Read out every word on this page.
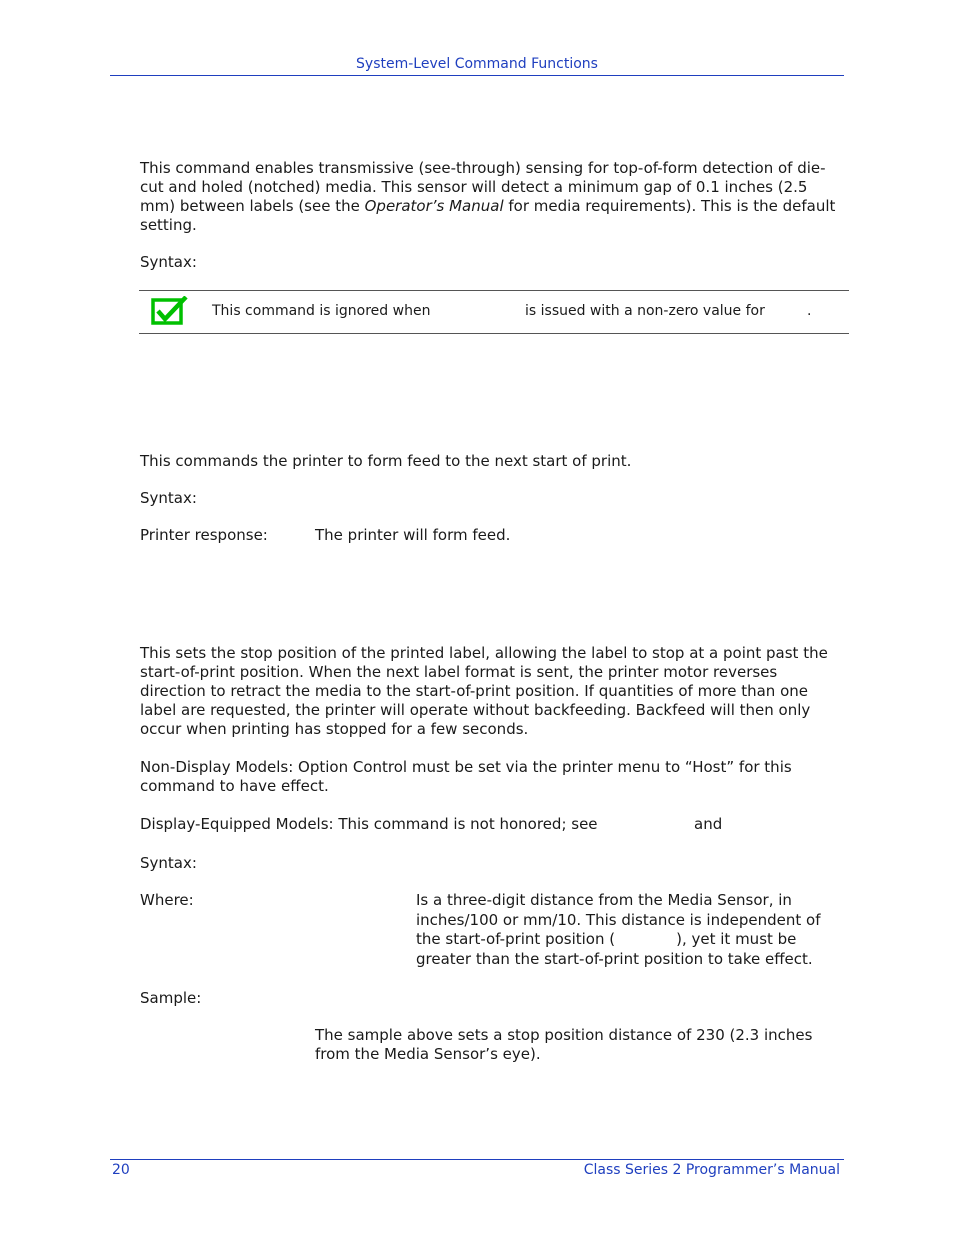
System-Level Command Functions

This command enables transmissive (see-through) sensing for top-of-form detection of die-cut and holed (notched) media. This sensor will detect a minimum gap of 0.1 inches (2.5 mm) between labels (see the Operator’s Manual for media requirements). This is the default setting.

Syntax:
This command is ignored when	is issued with a non-zero value for	.

This commands the printer to form feed to the next start of print.

Syntax:
Printer response:	The printer will form feed.

This sets the stop position of the printed label, allowing the label to stop at a point past the start-of-print position. When the next label format is sent, the printer motor reverses direction to retract the media to the start-of-print position. If quantities of more than one label are requested, the printer will operate without backfeeding. Backfeed will then only occur when printing has stopped for a few seconds.

Non-Display Models: Option Control must be set via the printer menu to “Host” for this command to have effect.

Display-Equipped Models: This command is not honored; see	and
Syntax:
Where:	Is a three-digit distance from the Media Sensor, in inches/100 or mm/10. This distance is independent of the start-of-print position (	), yet it must be greater than the start-of-print position to take effect.

Sample:

The sample above sets a stop position distance of 230 (2.3 inches from the Media Sensor’s eye).

20	Class Series 2 Programmer’s Manual
